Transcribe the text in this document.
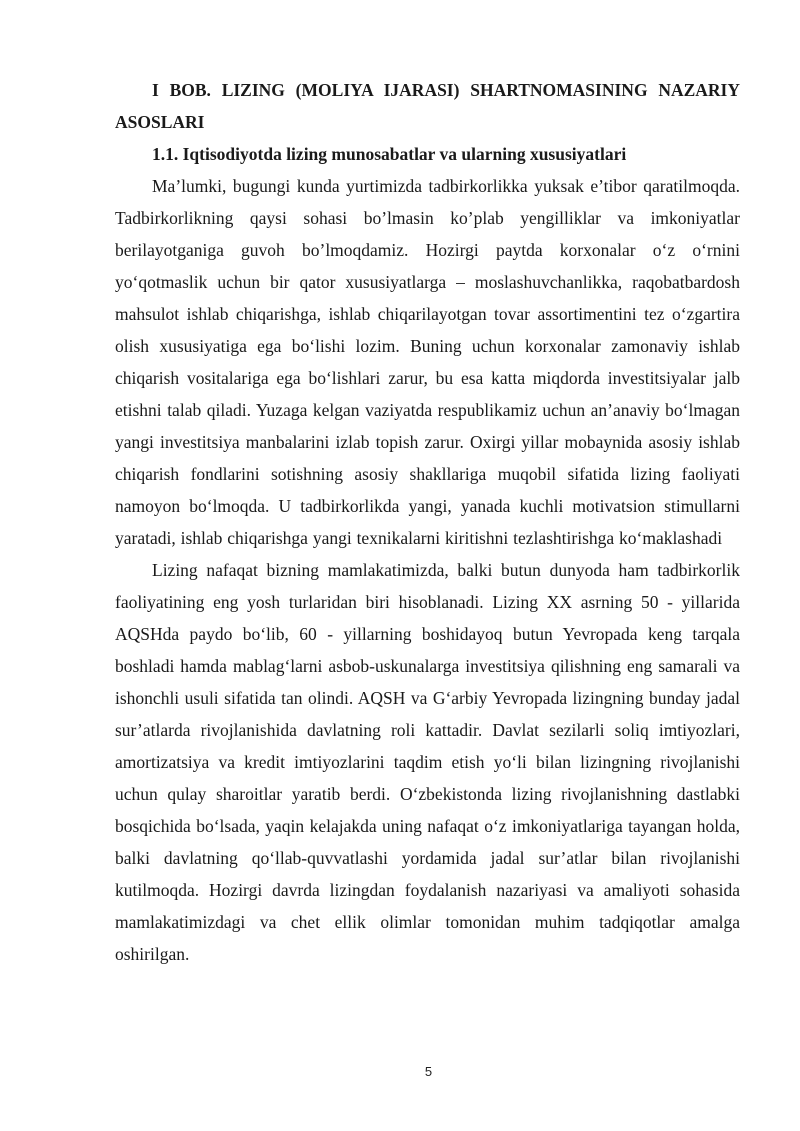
I BOB. LIZING (MOLIYA IJARASI) SHARTNOMASINING NAZARIY ASOSLARI

1.1. Iqtisodiyotda lizing munosabatlar va ularning xususiyatlari

Ma’lumki, bugungi kunda yurtimizda tadbirkorlikka yuksak e’tibor qaratilmoqda. Tadbirkorlikning qaysi sohasi bo’lmasin ko’plab yengilliklar va imkoniyatlar berilayotganiga guvoh bo’lmoqdamiz. Hozirgi paytda korxonalar o‘z o‘rnini yo‘qotmaslik uchun bir qator xususiyatlarga – moslashuvchanlikka, raqobatbardosh mahsulot ishlab chiqarishga, ishlab chiqarilayotgan tovar assortimentini tez o‘zgartira olish xususiyatiga ega bo‘lishi lozim. Buning uchun korxonalar zamonaviy ishlab chiqarish vositalariga ega bo‘lishlari zarur, bu esa katta miqdorda investitsiyalar jalb etishni talab qiladi. Yuzaga kelgan vaziyatda respublikamiz uchun an’anaviy bo‘lmagan yangi investitsiya manbalarini izlab topish zarur. Oxirgi yillar mobaynida asosiy ishlab chiqarish fondlarini sotishning asosiy shakllariga muqobil sifatida lizing faoliyati namoyon bo‘lmoqda. U tadbirkorlikda yangi, yanada kuchli motivatsion stimullarni yaratadi, ishlab chiqarishga yangi texnikalarni kiritishni tezlashtirishga ko‘maklashadi

Lizing nafaqat bizning mamlakatimizda, balki butun dunyoda ham tadbirkorlik faoliyatining eng yosh turlaridan biri hisoblanadi. Lizing XX asrning 50 - yillarida AQSHda paydo bo‘lib, 60 - yillarning boshidayoq butun Yevropada keng tarqala boshladi hamda mablag‘larni asbob-uskunalarga investitsiya qilishning eng samarali va ishonchli usuli sifatida tan olindi. AQSH va G‘arbiy Yevropada lizingning bunday jadal sur’atlarda rivojlanishida davlatning roli kattadir. Davlat sezilarli soliq imtiyozlari, amortizatsiya va kredit imtiyozlarini taqdim etish yo‘li bilan lizingning rivojlanishi uchun qulay sharoitlar yaratib berdi. O‘zbekistonda lizing rivojlanishning dastlabki bosqichida bo‘lsada, yaqin kelajakda uning nafaqat o‘z imkoniyatlariga tayangan holda, balki davlatning qo‘llab-quvvatlashi yordamida jadal sur’atlar bilan rivojlanishi kutilmoqda. Hozirgi davrda lizingdan foydalanish nazariyasi va amaliyoti sohasida mamlakatimizdagi va chet ellik olimlar tomonidan muhim tadqiqotlar amalga oshirilgan.

5
